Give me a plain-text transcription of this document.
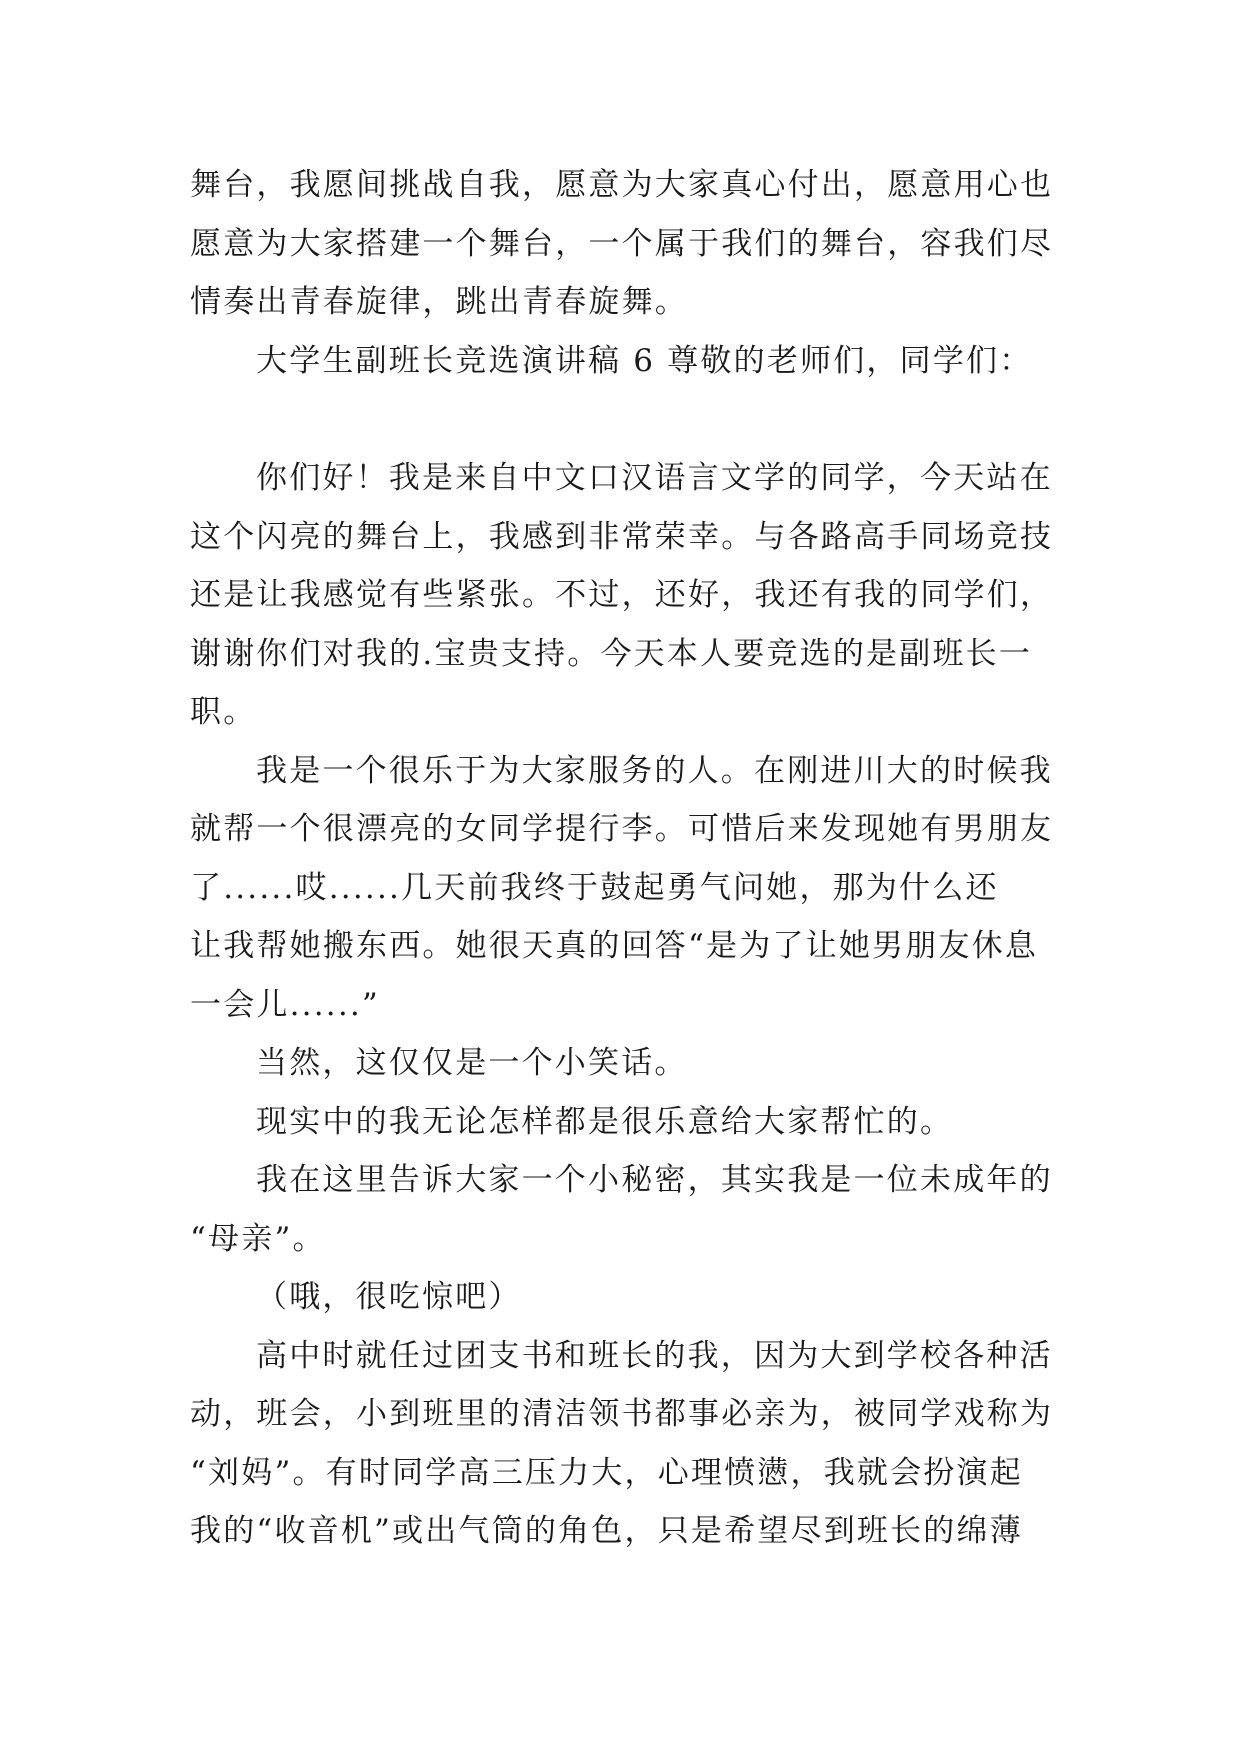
舞台，我愿间挑战自我，愿意为大家真心付出，愿意用心也
愿意为大家搭建一个舞台，一个属于我们的舞台，容我们尽
情奏出青春旋律，跳出青春旋舞。
大学生副班长竞选演讲稿 6 尊敬的老师们，同学们：
你们好！我是来自中文口汉语言文学的同学，今天站在
这个闪亮的舞台上，我感到非常荣幸。与各路高手同场竞技
还是让我感觉有些紧张。不过，还好，我还有我的同学们，
谢谢你们对我的.宝贵支持。今天本人要竞选的是副班长一
职。
我是一个很乐于为大家服务的人。在刚进川大的时候我
就帮一个很漂亮的女同学提行李。可惜后来发现她有男朋友
了......哎......几天前我终于鼓起勇气问她，那为什么还
让我帮她搬东西。她很天真的回答“是为了让她男朋友休息
一会儿......”
当然，这仅仅是一个小笑话。
现实中的我无论怎样都是很乐意给大家帮忙的。
我在这里告诉大家一个小秘密，其实我是一位未成年的
“母亲”。
（哦，很吃惊吧）
高中时就任过团支书和班长的我，因为大到学校各种活
动，班会，小到班里的清洁领书都事必亲为，被同学戏称为
“刘妈”。有时同学高三压力大，心理愤懑，我就会扮演起
我的“收音机”或出气筒的角色，只是希望尽到班长的绵薄
